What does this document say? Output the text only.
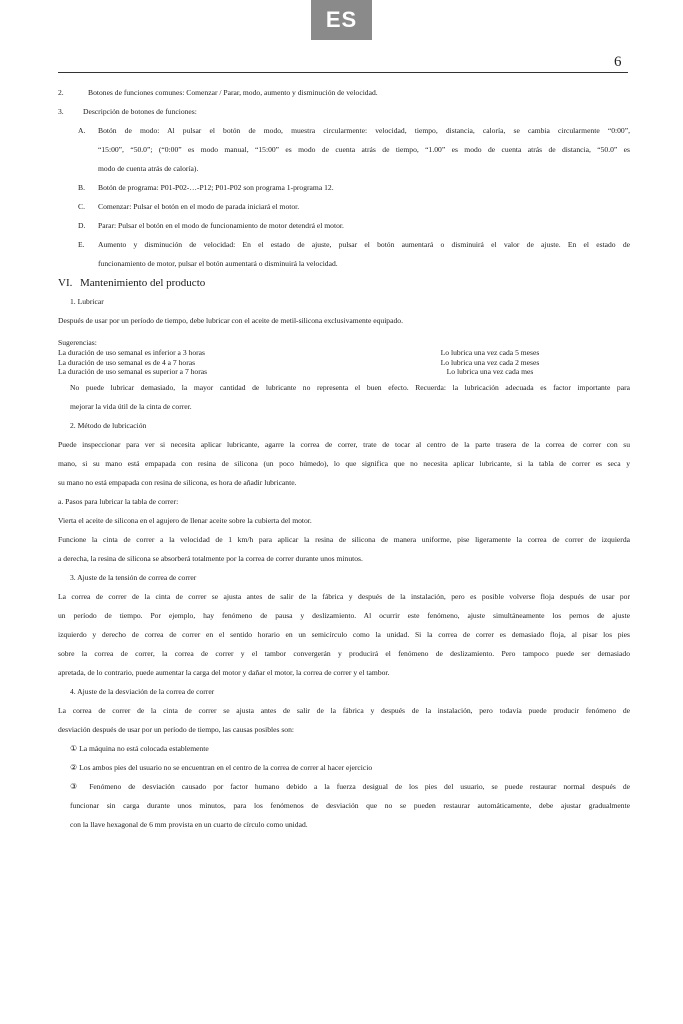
ES
6
2.	Botones de funciones comunes: Comenzar / Parar, modo, aumento y disminución de velocidad.
3.	Descripción de botones de funciones:
A.	Botón de modo: Al pulsar el botón de modo, muestra circularmente: velocidad, tiempo, distancia, caloría, se cambia circularmente “0:00”,
“15:00”, “50.0”; (“0:00” es modo manual, “15:00” es modo de cuenta atrás de tiempo, “1.00” es modo de cuenta atrás de distancia, “50.0” es
modo de cuenta atrás de caloría).
B.	Botón de programa: P01-P02-…-P12; P01-P02 son programa 1-programa 12.
C.	Comenzar: Pulsar el botón en el modo de parada iniciará el motor.
D.	Parar: Pulsar el botón en el modo de funcionamiento de motor detendrá el motor.
E.	Aumento y disminución de velocidad: En el estado de ajuste, pulsar el botón aumentará o disminuirá el valor de ajuste. En el estado de
funcionamiento de motor, pulsar el botón aumentará o disminuirá la velocidad.
VI. Mantenimiento del producto
1. Lubricar
Después de usar por un período de tiempo, debe lubricar con el aceite de metil-silicona exclusivamente equipado.
Sugerencias:
La duración de uso semanal es inferior a 3 horas	Lo lubrica una vez cada 5 meses
La duración de uso semanal es de 4 a 7 horas	Lo lubrica una vez cada 2 meses
La duración de uso semanal es superior a 7 horas	Lo lubrica una vez cada mes
No puede lubricar demasiado, la mayor cantidad de lubricante no representa el buen efecto. Recuerda: la lubricación adecuada es factor importante para
mejorar la vida útil de la cinta de correr.
2. Método de lubricación
Puede inspeccionar para ver si necesita aplicar lubricante, agarre la correa de correr, trate de tocar al centro de la parte trasera de la correa de correr con su
mano, si su mano está empapada con resina de silicona (un poco húmedo), lo que significa que no necesita aplicar lubricante, si la tabla de correr es seca y
su mano no está empapada con resina de silicona, es hora de añadir lubricante.
a. Pasos para lubricar la tabla de correr:
Vierta el aceite de silicona en el agujero de llenar aceite sobre la cubierta del motor.
Funcione la cinta de correr a la velocidad de 1 km/h para aplicar la resina de silicona de manera uniforme, pise ligeramente la correa de correr de izquierda
a derecha, la resina de silicona se absorberá totalmente por la correa de correr durante unos minutos.
3. Ajuste de la tensión de correa de correr
La correa de correr de la cinta de correr se ajusta antes de salir de la fábrica y después de la instalación, pero es posible volverse floja después de usar por
un período de tiempo. Por ejemplo, hay fenómeno de pausa y deslizamiento. Al ocurrir este fenómeno, ajuste simultáneamente los pernos de ajuste
izquierdo y derecho de correa de correr en el sentido horario en un semicírculo como la unidad. Si la correa de correr es demasiado floja, al pisar los pies
sobre la correa de correr, la correa de correr y el tambor convergerán y producirá el fenómeno de deslizamiento. Pero tampoco puede ser demasiado
apretada, de lo contrario, puede aumentar la carga del motor y dañar el motor, la correa de correr y el tambor.
4. Ajuste de la desviación de la correa de correr
La correa de correr de la cinta de correr se ajusta antes de salir de la fábrica y después de la instalación, pero todavía puede producir fenómeno de
desviación después de usar por un período de tiempo, las causas posibles son:
① La máquina no está colocada establemente
② Los ambos pies del usuario no se encuentran en el centro de la correa de correr al hacer ejercicio
③ Fenómeno de desviación causado por factor humano debido a la fuerza desigual de los pies del usuario, se puede restaurar normal después de
funcionar sin carga durante unos minutos, para los fenómenos de desviación que no se pueden restaurar automáticamente, debe ajustar gradualmente
con la llave hexagonal de 6 mm provista en un cuarto de círculo como unidad.
